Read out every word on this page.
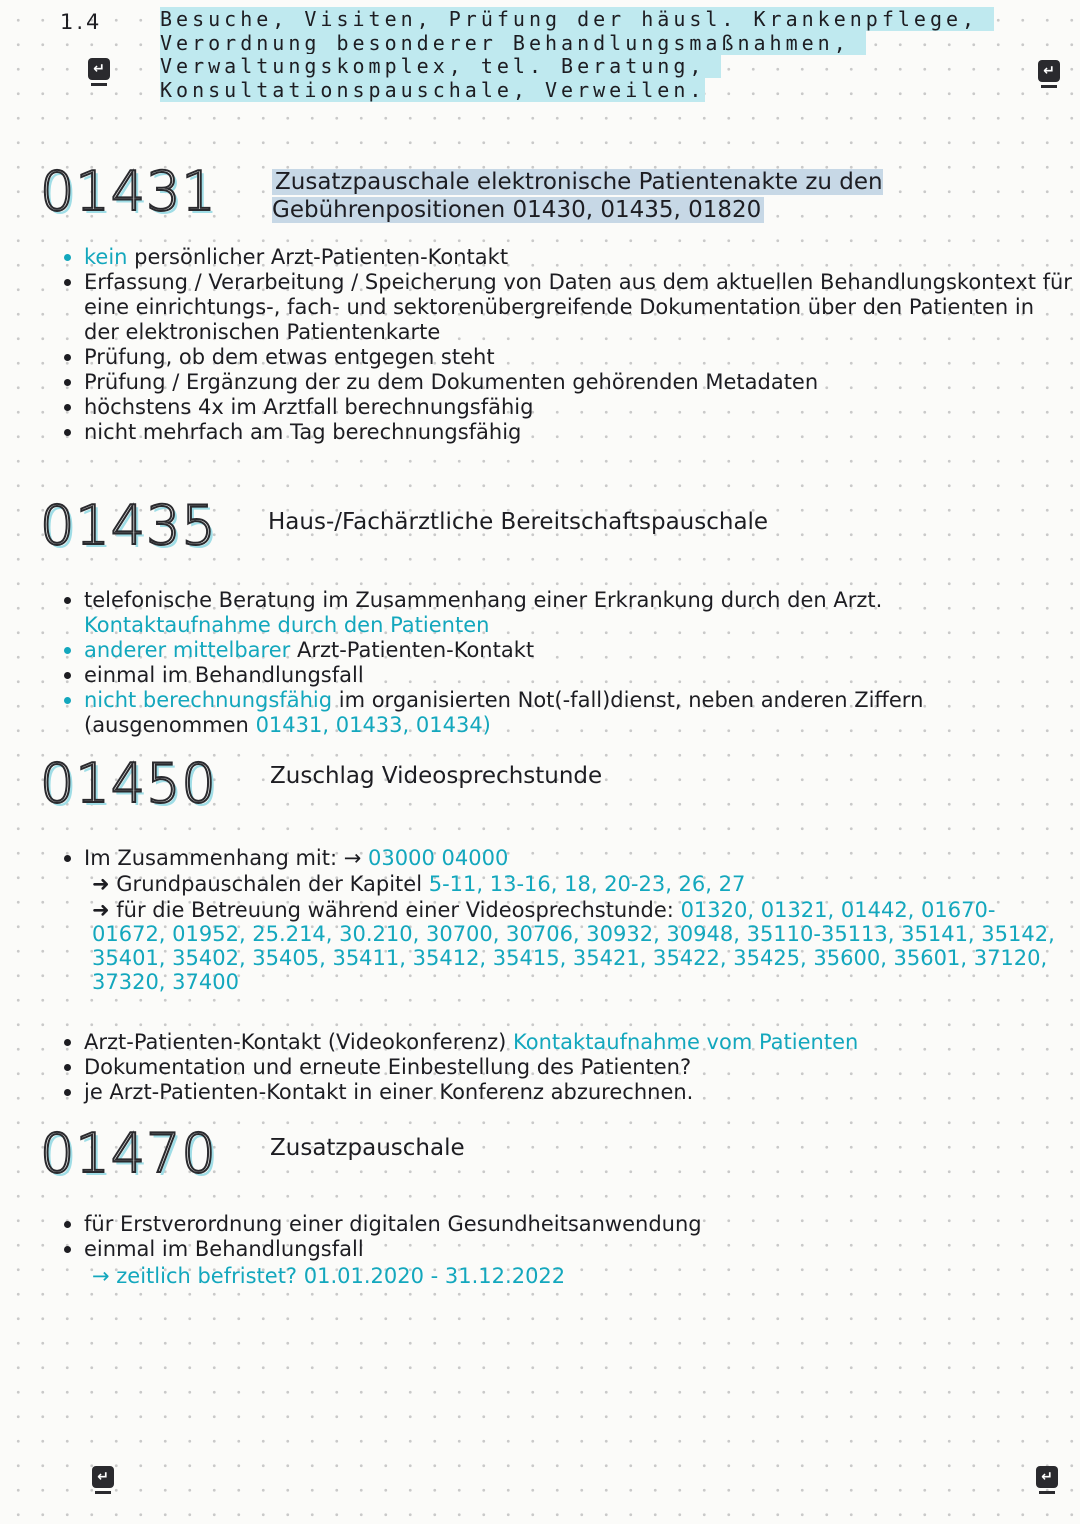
1.4	Besuche, Visiten, Prüfung der häusl. Krankenpflege, Verordnung besonderer Behandlungsmaßnahmen, Verwaltungskomplex, tel. Beratung, Konsultationspauschale, Verweilen.
↵	↵
01431	Zusatzpauschale elektronische Patientenakte zu den Gebührenpositionen 01430, 01435, 01820
kein persönlicher Arzt-Patienten-Kontakt
Erfassung / Verarbeitung / Speicherung von Daten aus dem aktuellen Behandlungskontext für eine einrichtungs-, fach- und sektorenübergreifende Dokumentation über den Patienten in der elektronischen Patientenkarte
Prüfung, ob dem etwas entgegen steht
Prüfung / Ergänzung der zu dem Dokumenten gehörenden Metadaten
höchstens 4x im Arztfall berechnungsfähig
nicht mehrfach am Tag berechnungsfähig
01435 Haus-/Fachärztliche Bereitschaftspauschale
telefonische Beratung im Zusammenhang einer Erkrankung durch den Arzt. Kontaktaufnahme durch den Patienten
anderer mittelbarer Arzt-Patienten-Kontakt
einmal im Behandlungsfall
nicht berechnungsfähig im organisierten Not(-fall)dienst, neben anderen Ziffern (ausgenommen 01431, 01433, 01434)
01450 Zuschlag Videosprechstunde
Im Zusammenhang mit: → 03000 04000
➜ Grundpauschalen der Kapitel 5-11, 13-16, 18, 20-23, 26, 27
➜ für die Betreuung während einer Videosprechstunde: 01320, 01321, 01442, 01670-01672, 01952, 25.214, 30.210, 30700, 30706, 30932, 30948, 35110-35113, 35141, 35142, 35401, 35402, 35405, 35411, 35412, 35415, 35421, 35422, 35425, 35600, 35601, 37120, 37320, 37400
Arzt-Patienten-Kontakt (Videokonferenz) Kontaktaufnahme vom Patienten
Dokumentation und erneute Einbestellung des Patienten?
je Arzt-Patienten-Kontakt in einer Konferenz abzurechnen.
01470 Zusatzpauschale
für Erstverordnung einer digitalen Gesundheitsanwendung
einmal im Behandlungsfall
→ zeitlich befristet? 01.01.2020 - 31.12.2022
↵	↵
